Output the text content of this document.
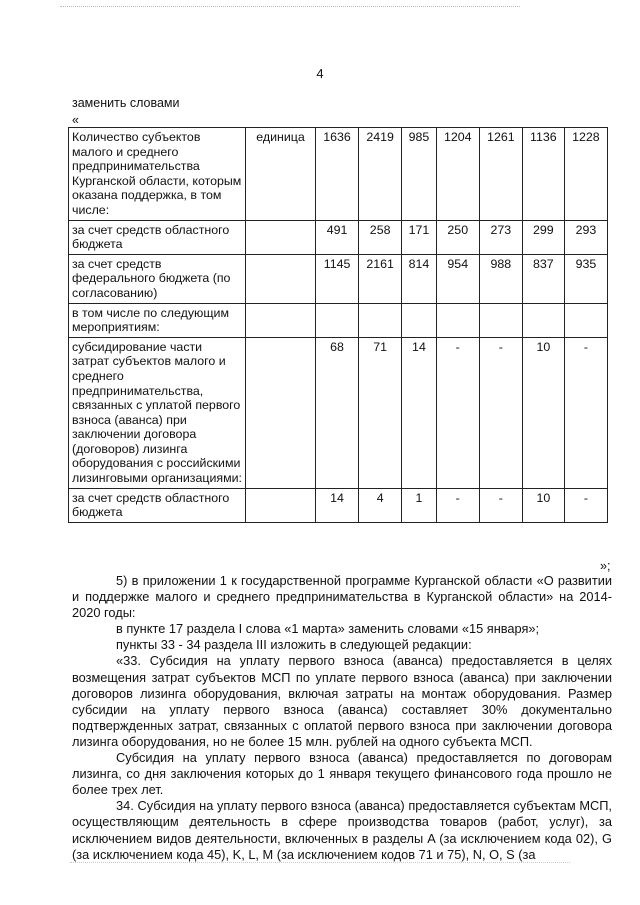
4
заменить словами
«
Количество субъектов малого и среднего предпринимательства Курганской области, которым оказана поддержка, в том числе:	единица	1636	2419	985	1204	1261	1136	1228
за счет средств областного бюджета		491	258	171	250	273	299	293
за счет средств федерального бюджета (по согласованию)		1145	2161	814	954	988	837	935
в том числе по следующим мероприятиям:								
субсидирование части затрат субъектов малого и среднего предпринимательства, связанных с уплатой первого взноса (аванса) при заключении договора (договоров) лизинга оборудования с российскими лизинговыми организациями:		68	71	14	-	-	10	-
за счет средств областного бюджета		14	4	1	-	-	10	-
»;

5) в приложении 1 к государственной программе Курганской области «О развитии и поддержке малого и среднего предпринимательства в Курганской области» на 2014-2020 годы:

в пункте 17 раздела I слова «1 марта» заменить словами «15 января»;

пункты 33 - 34 раздела III изложить в следующей редакции:

«33. Субсидия на уплату первого взноса (аванса) предоставляется в целях возмещения затрат субъектов МСП по уплате первого взноса (аванса) при заключении договоров лизинга оборудования, включая затраты на монтаж оборудования. Размер субсидии на уплату первого взноса (аванса) составляет 30% документально подтвержденных затрат, связанных с оплатой первого взноса при заключении договора лизинга оборудования, но не более 15 млн. рублей на одного субъекта МСП.

Субсидия на уплату первого взноса (аванса) предоставляется по договорам лизинга, со дня заключения которых до 1 января текущего финансового года прошло не более трех лет.

34. Субсидия на уплату первого взноса (аванса) предоставляется субъектам МСП, осуществляющим деятельность в сфере производства товаров (работ, услуг), за исключением видов деятельности, включенных в разделы A (за исключением кода 02), G (за исключением кода 45), K, L, M (за исключением кодов 71 и 75), N, O, S (за
